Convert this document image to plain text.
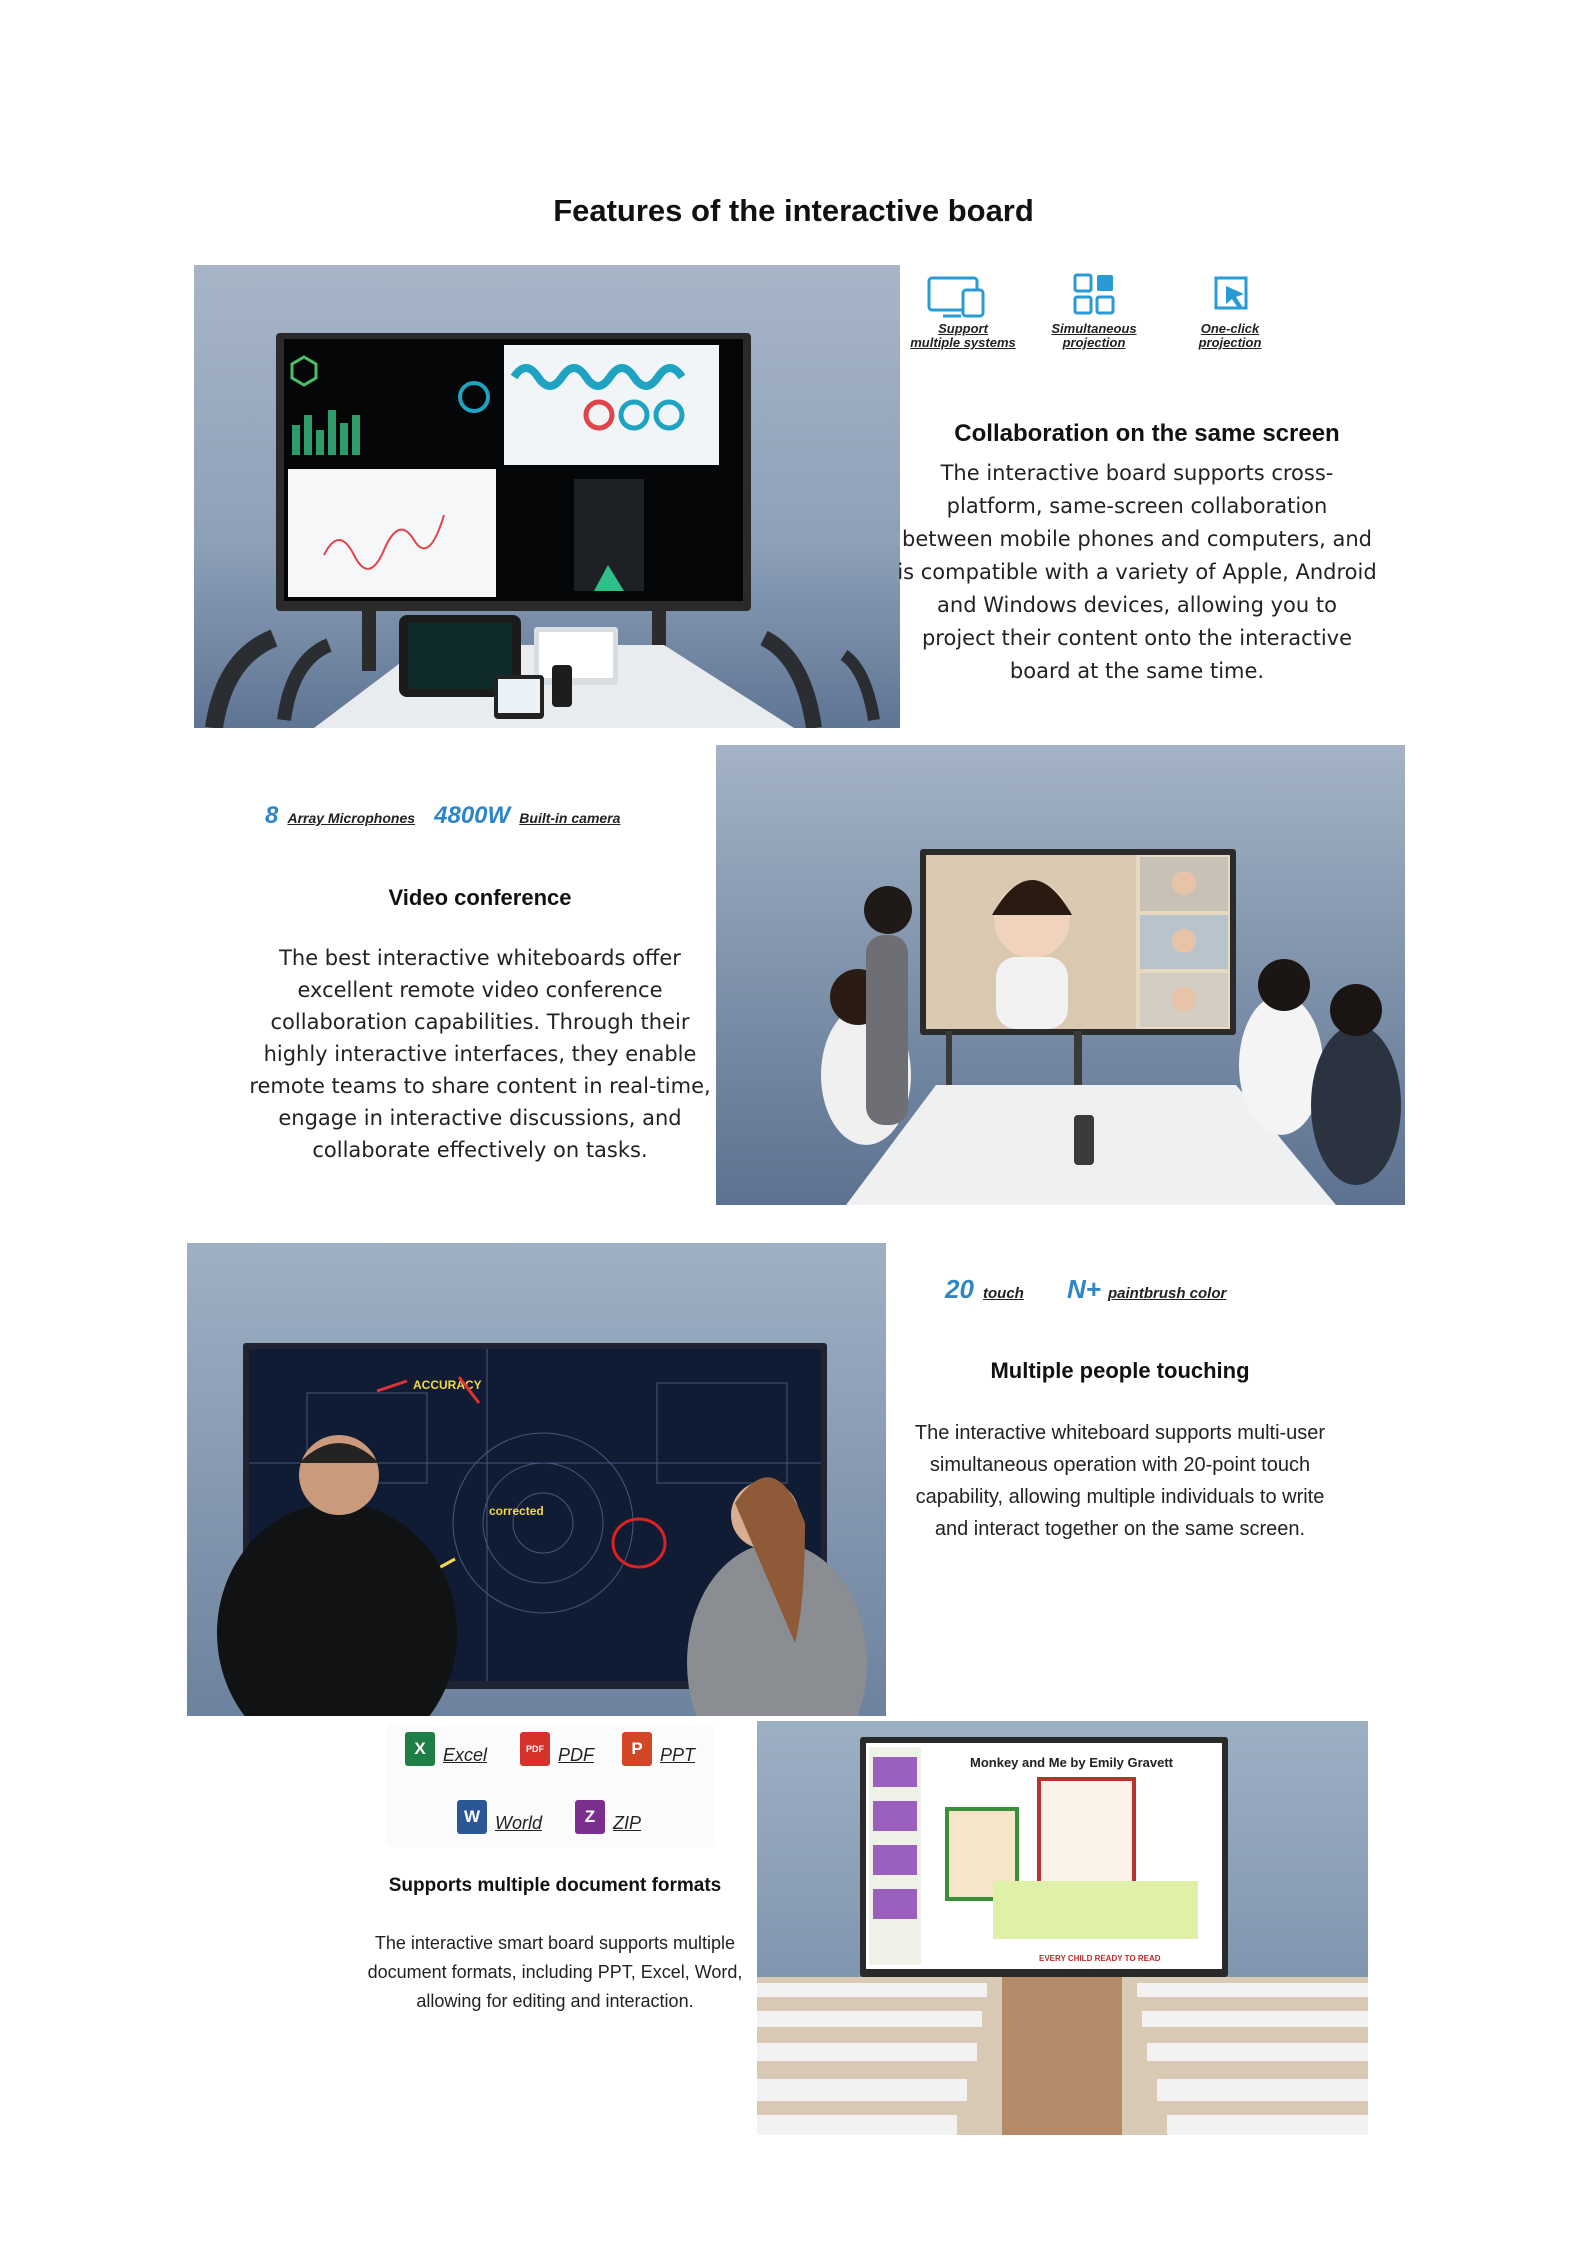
Features of the interactive board
Support
multiple systems
Simultaneous
projection
One-click
projection
Collaboration on the same screen
The interactive board supports cross-
platform, same-screen collaboration
between mobile phones and computers, and
is compatible with a variety of Apple, Android
and Windows devices, allowing you to
project their content onto the interactive
board at the same time.
8 Array Microphones 4800W Built-in camera
Video conference
The best interactive whiteboards offer
excellent remote video conference
collaboration capabilities. Through their
highly interactive interfaces, they enable
remote teams to share content in real-time,
engage in interactive discussions, and
collaborate effectively on tasks.
ACCURACY
corrected
20 touch N+ paintbrush color
Multiple people touching
The interactive whiteboard supports multi-user
simultaneous operation with 20-point touch
capability, allowing multiple individuals to write
and interact together on the same screen.
X Excel	PDF PDF	P PPT
W World	Z ZIP
Supports multiple document formats
The interactive smart board supports multiple
document formats, including PPT, Excel, Word,
allowing for editing and interaction.
Monkey and Me by Emily Gravett
EVERY CHILD READY TO READ
